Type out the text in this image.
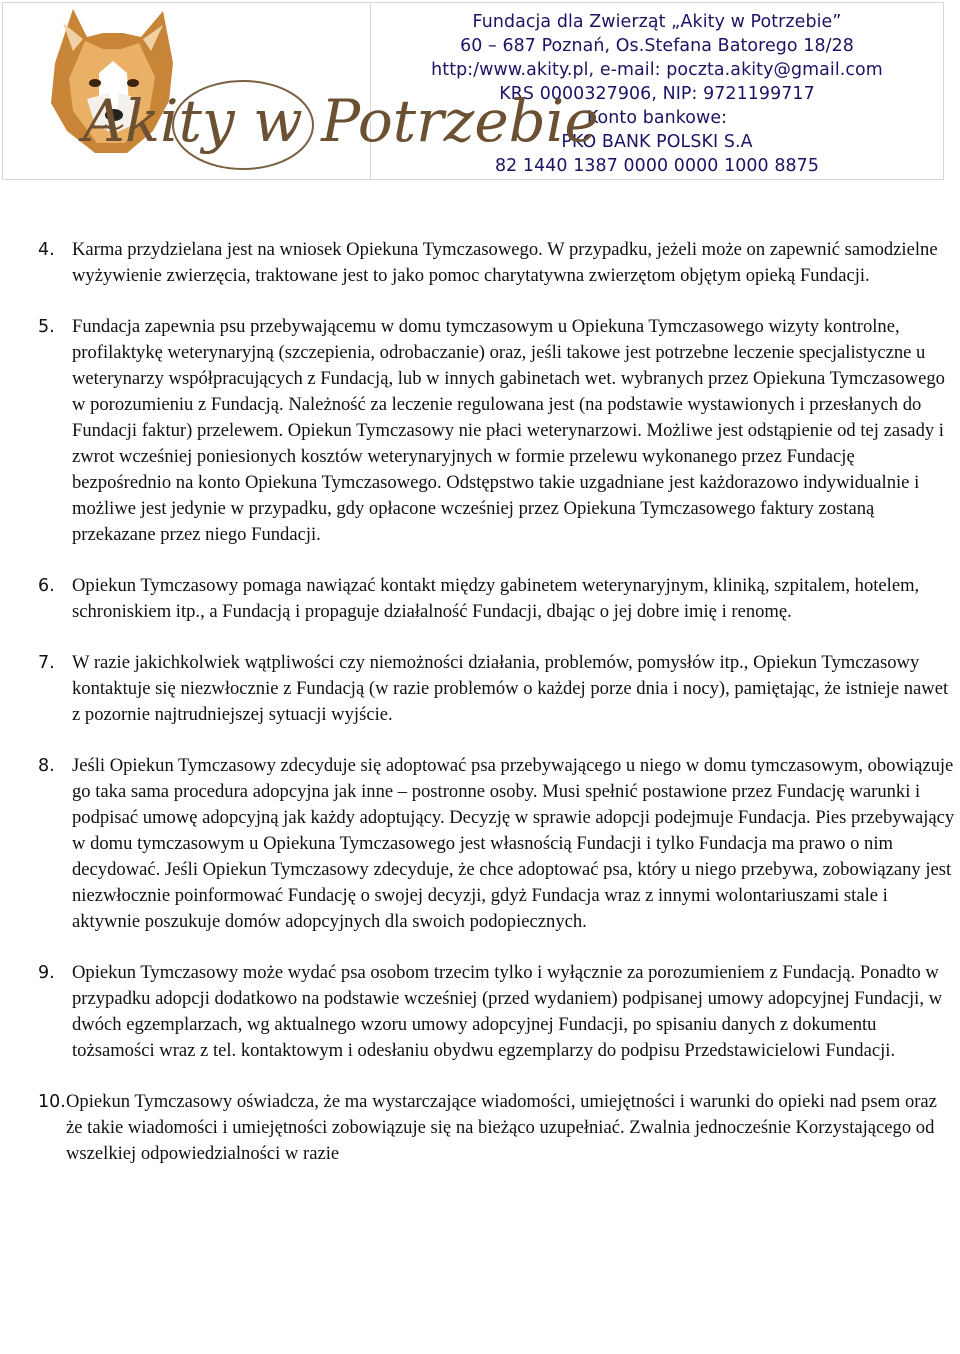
Akity w Potrzebie
Fundacja dla Zwierząt „Akity w Potrzebie”
60 – 687 Poznań, Os.Stefana Batorego 18/28
http:/www.akity.pl, e-mail: poczta.akity@gmail.com
KRS 0000327906, NIP: 9721199717
Konto bankowe:
PKO BANK POLSKI S.A
82 1440 1387 0000 0000 1000 8875
4. Karma przydzielana jest na wniosek Opiekuna Tymczasowego. W przypadku, jeżeli może on zapewnić samodzielne wyżywienie zwierzęcia, traktowane jest to jako pomoc charytatywna zwierzętom objętym opieką Fundacji.
5. Fundacja zapewnia psu przebywającemu w domu tymczasowym u Opiekuna Tymczasowego wizyty kontrolne, profilaktykę weterynaryjną (szczepienia, odrobaczanie) oraz, jeśli takowe jest potrzebne leczenie specjalistyczne u weterynarzy współpracujących z Fundacją, lub w innych gabinetach wet. wybranych przez Opiekuna Tymczasowego w porozumieniu z Fundacją. Należność za leczenie regulowana jest (na podstawie wystawionych i przesłanych do Fundacji faktur) przelewem. Opiekun Tymczasowy nie płaci weterynarzowi. Możliwe jest odstąpienie od tej zasady i zwrot wcześniej poniesionych kosztów weterynaryjnych w formie przelewu wykonanego przez Fundację bezpośrednio na konto Opiekuna Tymczasowego. Odstępstwo takie uzgadniane jest każdorazowo indywidualnie i możliwe jest jedynie w przypadku, gdy opłacone wcześniej przez Opiekuna Tymczasowego faktury zostaną przekazane przez niego Fundacji.
6. Opiekun Tymczasowy pomaga nawiązać kontakt między gabinetem weterynaryjnym, kliniką, szpitalem, hotelem, schroniskiem itp., a Fundacją i propaguje działalność Fundacji, dbając o jej dobre imię i renomę.
7. W razie jakichkolwiek wątpliwości czy niemożności działania, problemów, pomysłów itp., Opiekun Tymczasowy kontaktuje się niezwłocznie z Fundacją (w razie problemów o każdej porze dnia i nocy), pamiętając, że istnieje nawet z pozornie najtrudniejszej sytuacji wyjście.
8. Jeśli Opiekun Tymczasowy zdecyduje się adoptować psa przebywającego u niego w domu tymczasowym, obowiązuje go taka sama procedura adopcyjna jak inne – postronne osoby. Musi spełnić postawione przez Fundację warunki i podpisać umowę adopcyjną jak każdy adoptujący. Decyzję w sprawie adopcji podejmuje Fundacja. Pies przebywający w domu tymczasowym u Opiekuna Tymczasowego jest własnością Fundacji i tylko Fundacja ma prawo o nim decydować. Jeśli Opiekun Tymczasowy zdecyduje, że chce adoptować psa, który u niego przebywa, zobowiązany jest niezwłocznie poinformować Fundację o swojej decyzji, gdyż Fundacja wraz z innymi wolontariuszami stale i aktywnie poszukuje domów adopcyjnych dla swoich podopiecznych.
9. Opiekun Tymczasowy może wydać psa osobom trzecim tylko i wyłącznie za porozumieniem z Fundacją. Ponadto w przypadku adopcji dodatkowo na podstawie wcześniej (przed wydaniem) podpisanej umowy adopcyjnej Fundacji, w dwóch egzemplarzach, wg aktualnego wzoru umowy adopcyjnej Fundacji, po spisaniu danych z dokumentu tożsamości wraz z tel. kontaktowym i odesłaniu obydwu egzemplarzy do podpisu Przedstawicielowi Fundacji.
10. Opiekun Tymczasowy oświadcza, że ma wystarczające wiadomości, umiejętności i warunki do opieki nad psem oraz że takie wiadomości i umiejętności zobowiązuje się na bieżąco uzupełniać. Zwalnia jednocześnie Korzystającego od wszelkiej odpowiedzialności w razie
